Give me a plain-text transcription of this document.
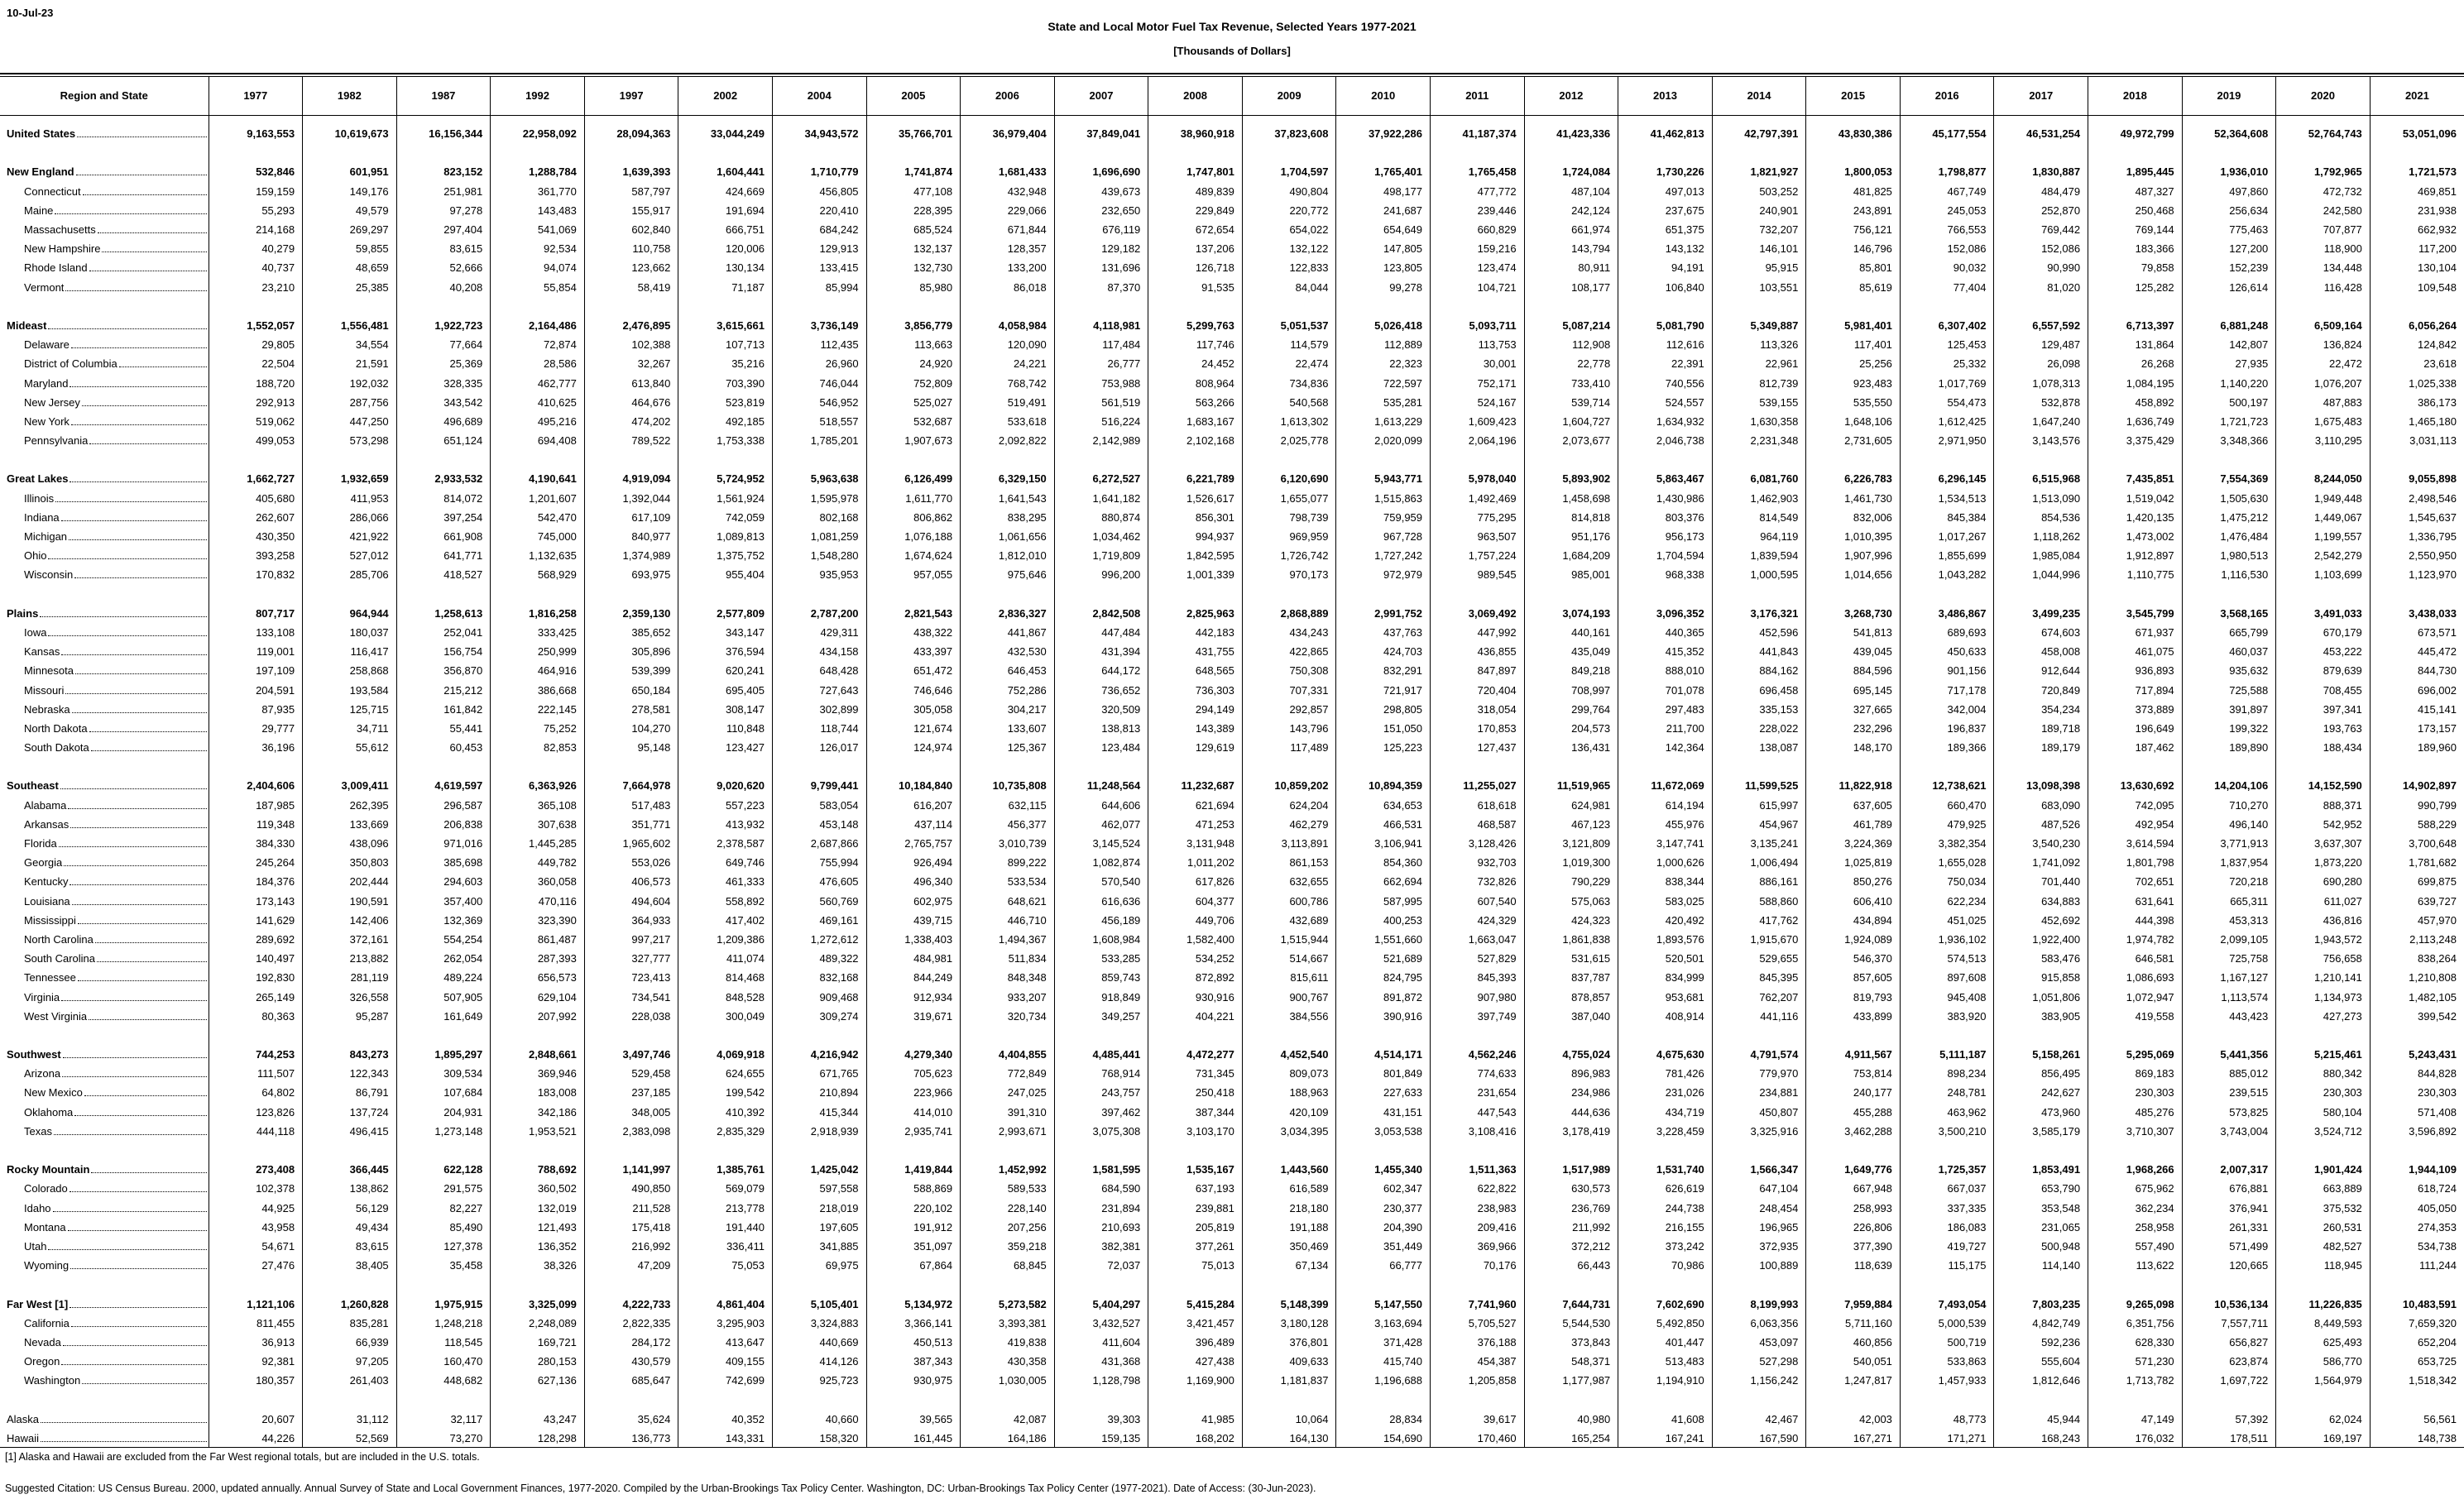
10-Jul-23
State and Local Motor Fuel Tax Revenue, Selected Years 1977-2021
[Thousands of Dollars]
Region and State	1977	1982	1987	1992	1997	2002	2004	2005	2006	2007	2008	2009	2010	2011	2012	2013	2014	2015	2016	2017	2018	2019	2020	2021

United States	9,163,553	10,619,673	16,156,344	22,958,092	28,094,363	33,044,249	34,943,572	35,766,701	36,979,404	37,849,041	38,960,918	37,823,608	37,922,286	41,187,374	41,423,336	41,462,813	42,797,391	43,830,386	45,177,554	46,531,254	49,972,799	52,364,608	52,764,743	53,051,096

New England	532,846	601,951	823,152	1,288,784	1,639,393	1,604,441	1,710,779	1,741,874	1,681,433	1,696,690	1,747,801	1,704,597	1,765,401	1,765,458	1,724,084	1,730,226	1,821,927	1,800,053	1,798,877	1,830,887	1,895,445	1,936,010	1,792,965	1,721,573

Connecticut	159,159	149,176	251,981	361,770	587,797	424,669	456,805	477,108	432,948	439,673	489,839	490,804	498,177	477,772	487,104	497,013	503,252	481,825	467,749	484,479	487,327	497,860	472,732	469,851

Maine	55,293	49,579	97,278	143,483	155,917	191,694	220,410	228,395	229,066	232,650	229,849	220,772	241,687	239,446	242,124	237,675	240,901	243,891	245,053	252,870	250,468	256,634	242,580	231,938

Massachusetts	214,168	269,297	297,404	541,069	602,840	666,751	684,242	685,524	671,844	676,119	672,654	654,022	654,649	660,829	661,974	651,375	732,207	756,121	766,553	769,442	769,144	775,463	707,877	662,932

New Hampshire	40,279	59,855	83,615	92,534	110,758	120,006	129,913	132,137	128,357	129,182	137,206	132,122	147,805	159,216	143,794	143,132	146,101	146,796	152,086	152,086	183,366	127,200	118,900	117,200

Rhode Island	40,737	48,659	52,666	94,074	123,662	130,134	133,415	132,730	133,200	131,696	126,718	122,833	123,805	123,474	80,911	94,191	95,915	85,801	90,032	90,990	79,858	152,239	134,448	130,104

Vermont	23,210	25,385	40,208	55,854	58,419	71,187	85,994	85,980	86,018	87,370	91,535	84,044	99,278	104,721	108,177	106,840	103,551	85,619	77,404	81,020	125,282	126,614	116,428	109,548

Mideast	1,552,057	1,556,481	1,922,723	2,164,486	2,476,895	3,615,661	3,736,149	3,856,779	4,058,984	4,118,981	5,299,763	5,051,537	5,026,418	5,093,711	5,087,214	5,081,790	5,349,887	5,981,401	6,307,402	6,557,592	6,713,397	6,881,248	6,509,164	6,056,264

Delaware	29,805	34,554	77,664	72,874	102,388	107,713	112,435	113,663	120,090	117,484	117,746	114,579	112,889	113,753	112,908	112,616	113,326	117,401	125,453	129,487	131,864	142,807	136,824	124,842

District of Columbia	22,504	21,591	25,369	28,586	32,267	35,216	26,960	24,920	24,221	26,777	24,452	22,474	22,323	30,001	22,778	22,391	22,961	25,256	25,332	26,098	26,268	27,935	22,472	23,618

Maryland	188,720	192,032	328,335	462,777	613,840	703,390	746,044	752,809	768,742	753,988	808,964	734,836	722,597	752,171	733,410	740,556	812,739	923,483	1,017,769	1,078,313	1,084,195	1,140,220	1,076,207	1,025,338

New Jersey	292,913	287,756	343,542	410,625	464,676	523,819	546,952	525,027	519,491	561,519	563,266	540,568	535,281	524,167	539,714	524,557	539,155	535,550	554,473	532,878	458,892	500,197	487,883	386,173

New York	519,062	447,250	496,689	495,216	474,202	492,185	518,557	532,687	533,618	516,224	1,683,167	1,613,302	1,613,229	1,609,423	1,604,727	1,634,932	1,630,358	1,648,106	1,612,425	1,647,240	1,636,749	1,721,723	1,675,483	1,465,180

Pennsylvania	499,053	573,298	651,124	694,408	789,522	1,753,338	1,785,201	1,907,673	2,092,822	2,142,989	2,102,168	2,025,778	2,020,099	2,064,196	2,073,677	2,046,738	2,231,348	2,731,605	2,971,950	3,143,576	3,375,429	3,348,366	3,110,295	3,031,113

Great Lakes	1,662,727	1,932,659	2,933,532	4,190,641	4,919,094	5,724,952	5,963,638	6,126,499	6,329,150	6,272,527	6,221,789	6,120,690	5,943,771	5,978,040	5,893,902	5,863,467	6,081,760	6,226,783	6,296,145	6,515,968	7,435,851	7,554,369	8,244,050	9,055,898

Illinois	405,680	411,953	814,072	1,201,607	1,392,044	1,561,924	1,595,978	1,611,770	1,641,543	1,641,182	1,526,617	1,655,077	1,515,863	1,492,469	1,458,698	1,430,986	1,462,903	1,461,730	1,534,513	1,513,090	1,519,042	1,505,630	1,949,448	2,498,546

Indiana	262,607	286,066	397,254	542,470	617,109	742,059	802,168	806,862	838,295	880,874	856,301	798,739	759,959	775,295	814,818	803,376	814,549	832,006	845,384	854,536	1,420,135	1,475,212	1,449,067	1,545,637

Michigan	430,350	421,922	661,908	745,000	840,977	1,089,813	1,081,259	1,076,188	1,061,656	1,034,462	994,937	969,959	967,728	963,507	951,176	956,173	964,119	1,010,395	1,017,267	1,118,262	1,473,002	1,476,484	1,199,557	1,336,795

Ohio	393,258	527,012	641,771	1,132,635	1,374,989	1,375,752	1,548,280	1,674,624	1,812,010	1,719,809	1,842,595	1,726,742	1,727,242	1,757,224	1,684,209	1,704,594	1,839,594	1,907,996	1,855,699	1,985,084	1,912,897	1,980,513	2,542,279	2,550,950

Wisconsin	170,832	285,706	418,527	568,929	693,975	955,404	935,953	957,055	975,646	996,200	1,001,339	970,173	972,979	989,545	985,001	968,338	1,000,595	1,014,656	1,043,282	1,044,996	1,110,775	1,116,530	1,103,699	1,123,970

Plains	807,717	964,944	1,258,613	1,816,258	2,359,130	2,577,809	2,787,200	2,821,543	2,836,327	2,842,508	2,825,963	2,868,889	2,991,752	3,069,492	3,074,193	3,096,352	3,176,321	3,268,730	3,486,867	3,499,235	3,545,799	3,568,165	3,491,033	3,438,033

Iowa	133,108	180,037	252,041	333,425	385,652	343,147	429,311	438,322	441,867	447,484	442,183	434,243	437,763	447,992	440,161	440,365	452,596	541,813	689,693	674,603	671,937	665,799	670,179	673,571

Kansas	119,001	116,417	156,754	250,999	305,896	376,594	434,158	433,397	432,530	431,394	431,755	422,865	424,703	436,855	435,049	415,352	441,843	439,045	450,633	458,008	461,075	460,037	453,222	445,472

Minnesota	197,109	258,868	356,870	464,916	539,399	620,241	648,428	651,472	646,453	644,172	648,565	750,308	832,291	847,897	849,218	888,010	884,162	884,596	901,156	912,644	936,893	935,632	879,639	844,730

Missouri	204,591	193,584	215,212	386,668	650,184	695,405	727,643	746,646	752,286	736,652	736,303	707,331	721,917	720,404	708,997	701,078	696,458	695,145	717,178	720,849	717,894	725,588	708,455	696,002

Nebraska	87,935	125,715	161,842	222,145	278,581	308,147	302,899	305,058	304,217	320,509	294,149	292,857	298,805	318,054	299,764	297,483	335,153	327,665	342,004	354,234	373,889	391,897	397,341	415,141

North Dakota	29,777	34,711	55,441	75,252	104,270	110,848	118,744	121,674	133,607	138,813	143,389	143,796	151,050	170,853	204,573	211,700	228,022	232,296	196,837	189,718	196,649	199,322	193,763	173,157

South Dakota	36,196	55,612	60,453	82,853	95,148	123,427	126,017	124,974	125,367	123,484	129,619	117,489	125,223	127,437	136,431	142,364	138,087	148,170	189,366	189,179	187,462	189,890	188,434	189,960

Southeast	2,404,606	3,009,411	4,619,597	6,363,926	7,664,978	9,020,620	9,799,441	10,184,840	10,735,808	11,248,564	11,232,687	10,859,202	10,894,359	11,255,027	11,519,965	11,672,069	11,599,525	11,822,918	12,738,621	13,098,398	13,630,692	14,204,106	14,152,590	14,902,897

Alabama	187,985	262,395	296,587	365,108	517,483	557,223	583,054	616,207	632,115	644,606	621,694	624,204	634,653	618,618	624,981	614,194	615,997	637,605	660,470	683,090	742,095	710,270	888,371	990,799

Arkansas	119,348	133,669	206,838	307,638	351,771	413,932	453,148	437,114	456,377	462,077	471,253	462,279	466,531	468,587	467,123	455,976	454,967	461,789	479,925	487,526	492,954	496,140	542,952	588,229

Florida	384,330	438,096	971,016	1,445,285	1,965,602	2,378,587	2,687,866	2,765,757	3,010,739	3,145,524	3,131,948	3,113,891	3,106,941	3,128,426	3,121,809	3,147,741	3,135,241	3,224,369	3,382,354	3,540,230	3,614,594	3,771,913	3,637,307	3,700,648

Georgia	245,264	350,803	385,698	449,782	553,026	649,746	755,994	926,494	899,222	1,082,874	1,011,202	861,153	854,360	932,703	1,019,300	1,000,626	1,006,494	1,025,819	1,655,028	1,741,092	1,801,798	1,837,954	1,873,220	1,781,682

Kentucky	184,376	202,444	294,603	360,058	406,573	461,333	476,605	496,340	533,534	570,540	617,826	632,655	662,694	732,826	790,229	838,344	886,161	850,276	750,034	701,440	702,651	720,218	690,280	699,875

Louisiana	173,143	190,591	357,400	470,116	494,604	558,892	560,769	602,975	648,621	616,636	604,377	600,786	587,995	607,540	575,063	583,025	588,860	606,410	622,234	634,883	631,641	665,311	611,027	639,727

Mississippi	141,629	142,406	132,369	323,390	364,933	417,402	469,161	439,715	446,710	456,189	449,706	432,689	400,253	424,329	424,323	420,492	417,762	434,894	451,025	452,692	444,398	453,313	436,816	457,970

North Carolina	289,692	372,161	554,254	861,487	997,217	1,209,386	1,272,612	1,338,403	1,494,367	1,608,984	1,582,400	1,515,944	1,551,660	1,663,047	1,861,838	1,893,576	1,915,670	1,924,089	1,936,102	1,922,400	1,974,782	2,099,105	1,943,572	2,113,248

South Carolina	140,497	213,882	262,054	287,393	327,777	411,074	489,322	484,981	511,834	533,285	534,252	514,667	521,689	527,829	531,615	520,501	529,655	546,370	574,513	583,476	646,581	725,758	756,658	838,264

Tennessee	192,830	281,119	489,224	656,573	723,413	814,468	832,168	844,249	848,348	859,743	872,892	815,611	824,795	845,393	837,787	834,999	845,395	857,605	897,608	915,858	1,086,693	1,167,127	1,210,141	1,210,808

Virginia	265,149	326,558	507,905	629,104	734,541	848,528	909,468	912,934	933,207	918,849	930,916	900,767	891,872	907,980	878,857	953,681	762,207	819,793	945,408	1,051,806	1,072,947	1,113,574	1,134,973	1,482,105

West Virginia	80,363	95,287	161,649	207,992	228,038	300,049	309,274	319,671	320,734	349,257	404,221	384,556	390,916	397,749	387,040	408,914	441,116	433,899	383,920	383,905	419,558	443,423	427,273	399,542

Southwest	744,253	843,273	1,895,297	2,848,661	3,497,746	4,069,918	4,216,942	4,279,340	4,404,855	4,485,441	4,472,277	4,452,540	4,514,171	4,562,246	4,755,024	4,675,630	4,791,574	4,911,567	5,111,187	5,158,261	5,295,069	5,441,356	5,215,461	5,243,431

Arizona	111,507	122,343	309,534	369,946	529,458	624,655	671,765	705,623	772,849	768,914	731,345	809,073	801,849	774,633	896,983	781,426	779,970	753,814	898,234	856,495	869,183	885,012	880,342	844,828

New Mexico	64,802	86,791	107,684	183,008	237,185	199,542	210,894	223,966	247,025	243,757	250,418	188,963	227,633	231,654	234,986	231,026	234,881	240,177	248,781	242,627	230,303	239,515	230,303	230,303

Oklahoma	123,826	137,724	204,931	342,186	348,005	410,392	415,344	414,010	391,310	397,462	387,344	420,109	431,151	447,543	444,636	434,719	450,807	455,288	463,962	473,960	485,276	573,825	580,104	571,408

Texas	444,118	496,415	1,273,148	1,953,521	2,383,098	2,835,329	2,918,939	2,935,741	2,993,671	3,075,308	3,103,170	3,034,395	3,053,538	3,108,416	3,178,419	3,228,459	3,325,916	3,462,288	3,500,210	3,585,179	3,710,307	3,743,004	3,524,712	3,596,892

Rocky Mountain	273,408	366,445	622,128	788,692	1,141,997	1,385,761	1,425,042	1,419,844	1,452,992	1,581,595	1,535,167	1,443,560	1,455,340	1,511,363	1,517,989	1,531,740	1,566,347	1,649,776	1,725,357	1,853,491	1,968,266	2,007,317	1,901,424	1,944,109

Colorado	102,378	138,862	291,575	360,502	490,850	569,079	597,558	588,869	589,533	684,590	637,193	616,589	602,347	622,822	630,573	626,619	647,104	667,948	667,037	653,790	675,962	676,881	663,889	618,724

Idaho	44,925	56,129	82,227	132,019	211,528	213,778	218,019	220,102	228,140	231,894	239,881	218,180	230,377	238,983	236,769	244,738	248,454	258,993	337,335	353,548	362,234	376,941	375,532	405,050

Montana	43,958	49,434	85,490	121,493	175,418	191,440	197,605	191,912	207,256	210,693	205,819	191,188	204,390	209,416	211,992	216,155	196,965	226,806	186,083	231,065	258,958	261,331	260,531	274,353

Utah	54,671	83,615	127,378	136,352	216,992	336,411	341,885	351,097	359,218	382,381	377,261	350,469	351,449	369,966	372,212	373,242	372,935	377,390	419,727	500,948	557,490	571,499	482,527	534,738

Wyoming	27,476	38,405	35,458	38,326	47,209	75,053	69,975	67,864	68,845	72,037	75,013	67,134	66,777	70,176	66,443	70,986	100,889	118,639	115,175	114,140	113,622	120,665	118,945	111,244

Far West [1]	1,121,106	1,260,828	1,975,915	3,325,099	4,222,733	4,861,404	5,105,401	5,134,972	5,273,582	5,404,297	5,415,284	5,148,399	5,147,550	7,741,960	7,644,731	7,602,690	8,199,993	7,959,884	7,493,054	7,803,235	9,265,098	10,536,134	11,226,835	10,483,591

California	811,455	835,281	1,248,218	2,248,089	2,822,335	3,295,903	3,324,883	3,366,141	3,393,381	3,432,527	3,421,457	3,180,128	3,163,694	5,705,527	5,544,530	5,492,850	6,063,356	5,711,160	5,000,539	4,842,749	6,351,756	7,557,711	8,449,593	7,659,320

Nevada	36,913	66,939	118,545	169,721	284,172	413,647	440,669	450,513	419,838	411,604	396,489	376,801	371,428	376,188	373,843	401,447	453,097	460,856	500,719	592,236	628,330	656,827	625,493	652,204

Oregon	92,381	97,205	160,470	280,153	430,579	409,155	414,126	387,343	430,358	431,368	427,438	409,633	415,740	454,387	548,371	513,483	527,298	540,051	533,863	555,604	571,230	623,874	586,770	653,725

Washington	180,357	261,403	448,682	627,136	685,647	742,699	925,723	930,975	1,030,005	1,128,798	1,169,900	1,181,837	1,196,688	1,205,858	1,177,987	1,194,910	1,156,242	1,247,817	1,457,933	1,812,646	1,713,782	1,697,722	1,564,979	1,518,342

Alaska	20,607	31,112	32,117	43,247	35,624	40,352	40,660	39,565	42,087	39,303	41,985	10,064	28,834	39,617	40,980	41,608	42,467	42,003	48,773	45,944	47,149	57,392	62,024	56,561

Hawaii	44,226	52,569	73,270	128,298	136,773	143,331	158,320	161,445	164,186	159,135	168,202	164,130	154,690	170,460	165,254	167,241	167,590	167,271	171,271	168,243	176,032	178,511	169,197	148,738
[1] Alaska and Hawaii are excluded from the Far West regional totals, but are included in the U.S. totals.
Suggested Citation: US Census Bureau. 2000, updated annually. Annual Survey of State and Local Government Finances, 1977-2020. Compiled by the Urban-Brookings Tax Policy Center. Washington, DC: Urban-Brookings Tax Policy Center (1977-2021). Date of Access: (30-Jun-2023).
